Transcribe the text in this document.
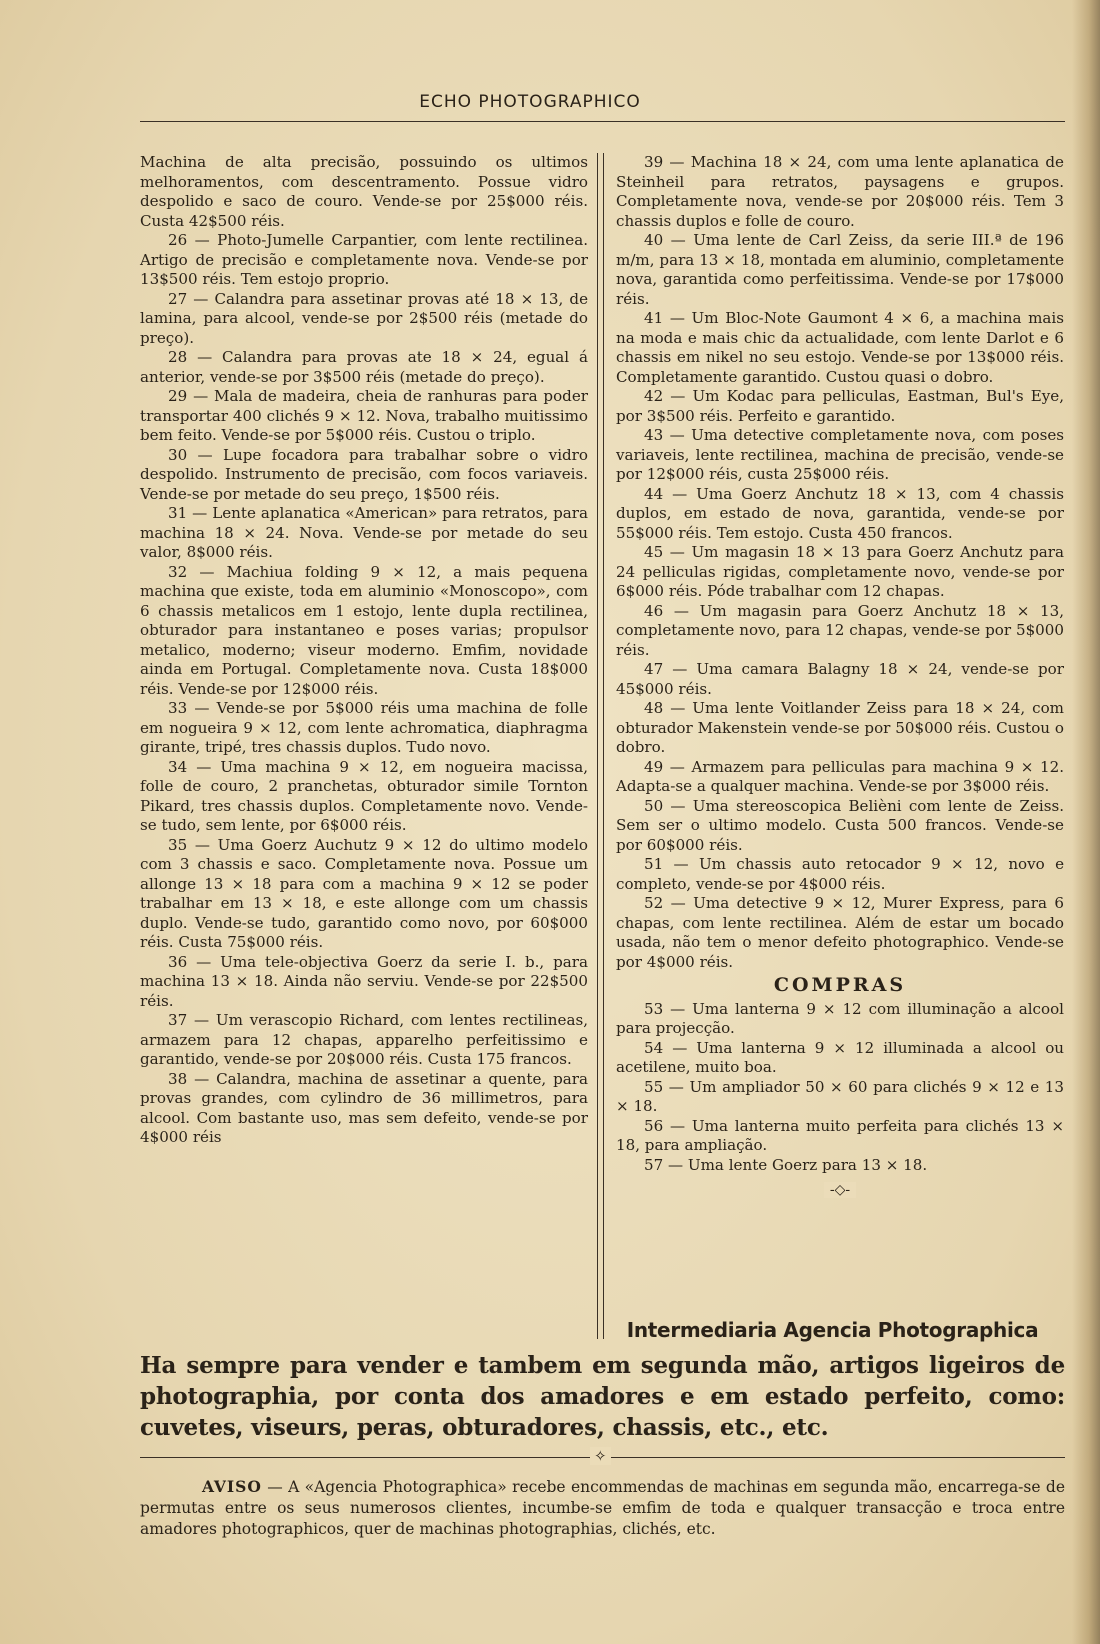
ECHO PHOTOGRAPHICO

Machina de alta precisão, possuindo os ultimos melhoramentos, com descentramento. Possue vidro despolido e saco de couro. Vende-se por 25$000 réis. Custa 42$500 réis.

26 — Photo-Jumelle Carpantier, com lente rectilinea. Artigo de precisão e completamente nova. Vende-se por 13$500 réis. Tem estojo proprio.

27 — Calandra para assetinar provas até 18 × 13, de lamina, para alcool, vende-se por 2$500 réis (metade do preço).

28 — Calandra para provas ate 18 × 24, egual á anterior, vende-se por 3$500 réis (metade do preço).

29 — Mala de madeira, cheia de ranhuras para poder transportar 400 clichés 9 × 12. Nova, trabalho muitissimo bem feito. Vende-se por 5$000 réis. Custou o triplo.

30 — Lupe focadora para trabalhar sobre o vidro despolido. Instrumento de precisão, com focos variaveis. Vende-se por metade do seu preço, 1$500 réis.

31 — Lente aplanatica «American» para retratos, para machina 18 × 24. Nova. Vende-se por metade do seu valor, 8$000 réis.

32 — Machiua folding 9 × 12, a mais pequena machina que existe, toda em aluminio «Monoscopo», com 6 chassis metalicos em 1 estojo, lente dupla rectilinea, obturador para instantaneo e poses varias; propulsor metalico, moderno; viseur moderno. Emfim, novidade ainda em Portugal. Completamente nova. Custa 18$000 réis. Vende-se por 12$000 réis.

33 — Vende-se por 5$000 réis uma machina de folle em nogueira 9 × 12, com lente achromatica, diaphragma girante, tripé, tres chassis duplos. Tudo novo.

34 — Uma machina 9 × 12, em nogueira macissa, folle de couro, 2 pranchetas, obturador simile Tornton Pikard, tres chassis duplos. Completamente novo. Vende-se tudo, sem lente, por 6$000 réis.

35 — Uma Goerz Auchutz 9 × 12 do ultimo modelo com 3 chassis e saco. Completamente nova. Possue um allonge 13 × 18 para com a machina 9 × 12 se poder trabalhar em 13 × 18, e este allonge com um chassis duplo. Vende-se tudo, garantido como novo, por 60$000 réis. Custa 75$000 réis.

36 — Uma tele-objectiva Goerz da serie I. b., para machina 13 × 18. Ainda não serviu. Vende-se por 22$500 réis.

37 — Um verascopio Richard, com lentes rectilineas, armazem para 12 chapas, apparelho perfeitissimo e garantido, vende-se por 20$000 réis. Custa 175 francos.

38 — Calandra, machina de assetinar a quente, para provas grandes, com cylindro de 36 millimetros, para alcool. Com bastante uso, mas sem defeito, vende-se por 4$000 réis

39 — Machina 18 × 24, com uma lente aplanatica de Steinheil para retratos, paysagens e grupos. Completamente nova, vende-se por 20$000 réis. Tem 3 chassis duplos e folle de couro.

40 — Uma lente de Carl Zeiss, da serie III.ª de 196 m/m, para 13 × 18, montada em aluminio, completamente nova, garantida como perfeitissima. Vende-se por 17$000 réis.

41 — Um Bloc-Note Gaumont 4 × 6, a machina mais na moda e mais chic da actualidade, com lente Darlot e 6 chassis em nikel no seu estojo. Vende-se por 13$000 réis. Completamente garantido. Custou quasi o dobro.

42 — Um Kodac para pelliculas, Eastman, Bul's Eye, por 3$500 réis. Perfeito e garantido.

43 — Uma detective completamente nova, com poses variaveis, lente rectilinea, machina de precisão, vende-se por 12$000 réis, custa 25$000 réis.

44 — Uma Goerz Anchutz 18 × 13, com 4 chassis duplos, em estado de nova, garantida, vende-se por 55$000 réis. Tem estojo. Custa 450 francos.

45 — Um magasin 18 × 13 para Goerz Anchutz para 24 pelliculas rigidas, completamente novo, vende-se por 6$000 réis. Póde trabalhar com 12 chapas.

46 — Um magasin para Goerz Anchutz 18 × 13, completamente novo, para 12 chapas, vende-se por 5$000 réis.

47 — Uma camara Balagny 18 × 24, vende-se por 45$000 réis.

48 — Uma lente Voitlander Zeiss para 18 × 24, com obturador Makenstein vende-se por 50$000 réis. Custou o dobro.

49 — Armazem para pelliculas para machina 9 × 12. Adapta-se a qualquer machina. Vende-se por 3$000 réis.

50 — Uma stereoscopica Belièni com lente de Zeiss. Sem ser o ultimo modelo. Custa 500 francos. Vende-se por 60$000 réis.

51 — Um chassis auto retocador 9 × 12, novo e completo, vende-se por 4$000 réis.

52 — Uma detective 9 × 12, Murer Express, para 6 chapas, com lente rectilinea. Além de estar um bocado usada, não tem o menor defeito photographico. Vende-se por 4$000 réis.

COMPRAS

53 — Uma lanterna 9 × 12 com illuminação a alcool para projecção.

54 — Uma lanterna 9 × 12 illuminada a alcool ou acetilene, muito boa.

55 — Um ampliador 50 × 60 para clichés 9 × 12 e 13 × 18.

56 — Uma lanterna muito perfeita para clichés 13 × 18, para ampliação.

57 — Uma lente Goerz para 13 × 18.

-◇-
Intermediaria Agencia Photographica
Ha sempre para vender e tambem em segunda mão, artigos ligeiros de photographia, por conta dos amadores e em estado perfeito, como: cuvetes, viseurs, peras, obturadores, chassis, etc., etc.
✧

AVISO — A «Agencia Photographica» recebe encommendas de machinas em segunda mão, encarrega-se de permutas entre os seus numerosos clientes, incumbe-se emfim de toda e qualquer transacção e troca entre amadores photographicos, quer de machinas photographias, clichés, etc.
